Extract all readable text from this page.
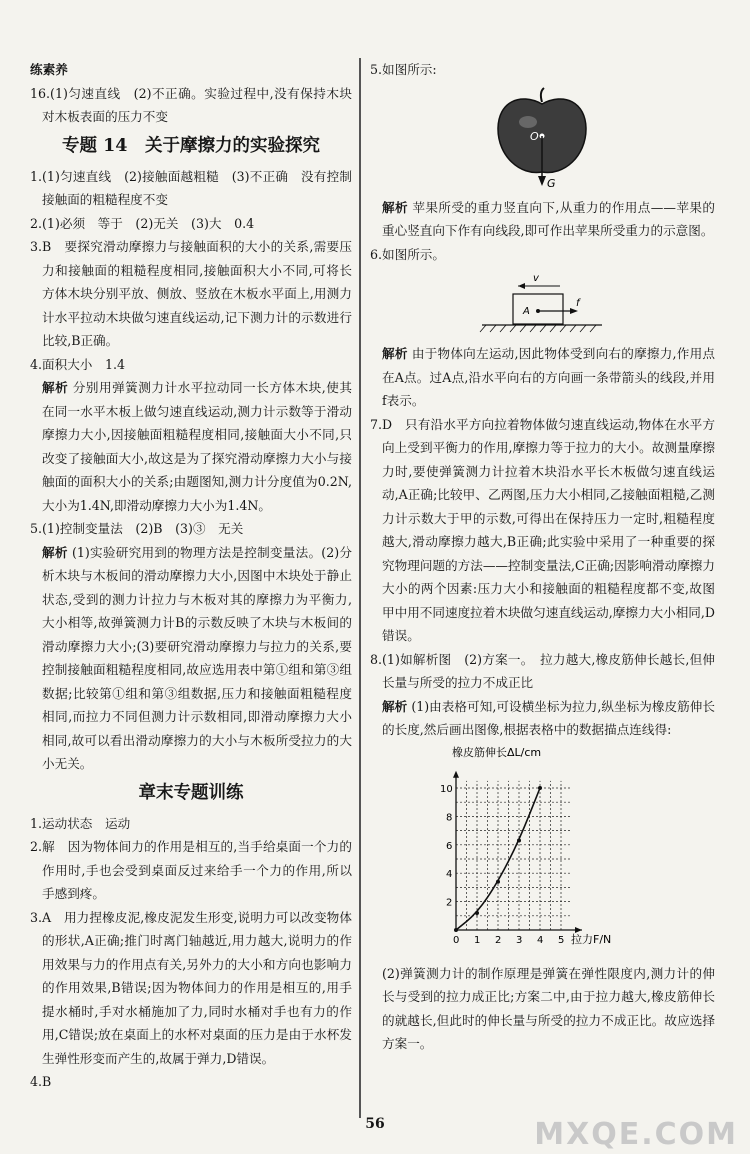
练素养

16.(1)匀速直线　(2)不正确。实验过程中,没有保持木块对木板表面的压力不变

专题 14　关于摩擦力的实验探究

1.(1)匀速直线　(2)接触面越粗糙　(3)不正确　没有控制接触面的粗糙程度不变

2.(1)必须　等于　(2)无关　(3)大　0.4

3.B　要探究滑动摩擦力与接触面积的大小的关系,需要压力和接触面的粗糙程度相同,接触面积大小不同,可将长方体木块分别平放、侧放、竖放在木板水平面上,用测力计水平拉动木块做匀速直线运动,记下测力计的示数进行比较,B正确。

4.面积大小　1.4

解析 分别用弹簧测力计水平拉动同一长方体木块,使其在同一水平木板上做匀速直线运动,测力计示数等于滑动摩擦力大小,因接触面粗糙程度相同,接触面大小不同,只改变了接触面大小,故这是为了探究滑动摩擦力大小与接触面的面积大小的关系;由题图知,测力计分度值为0.2N,大小为1.4N,即滑动摩擦力大小为1.4N。

5.(1)控制变量法　(2)B　(3)③　无关

解析 (1)实验研究用到的物理方法是控制变量法。(2)分析木块与木板间的滑动摩擦力大小,因图中木块处于静止状态,受到的测力计拉力与木板对其的摩擦力为平衡力,大小相等,故弹簧测力计B的示数反映了木块与木板间的滑动摩擦力大小;(3)要研究滑动摩擦力与拉力的关系,要控制接触面粗糙程度相同,故应选用表中第①组和第③组数据;比较第①组和第③组数据,压力和接触面粗糙程度相同,而拉力不同但测力计示数相同,即滑动摩擦力大小相同,故可以看出滑动摩擦力的大小与木板所受拉力的大小无关。

章末专题训练

1.运动状态　运动

2.解　因为物体间力的作用是相互的,当手给桌面一个力的作用时,手也会受到桌面反过来给手一个力的作用,所以手感到疼。

3.A　用力捏橡皮泥,橡皮泥发生形变,说明力可以改变物体的形状,A正确;推门时离门轴越近,用力越大,说明力的作用效果与力的作用点有关,另外力的大小和方向也影响力的作用效果,B错误;因为物体间力的作用是相互的,用手提水桶时,手对水桶施加了力,同时水桶对手也有力的作用,C错误;放在桌面上的水杯对桌面的压力是由于水杯发生弹性形变而产生的,故属于弹力,D错误。

4.B

5.如图所示:

O
G

解析 苹果所受的重力竖直向下,从重力的作用点——苹果的重心竖直向下作有向线段,即可作出苹果所受重力的示意图。

6.如图所示。

v
A
f

解析 由于物体向左运动,因此物体受到向右的摩擦力,作用点在A点。过A点,沿水平向右的方向画一条带箭头的线段,并用f表示。

7.D　只有沿水平方向拉着物体做匀速直线运动,物体在水平方向上受到平衡力的作用,摩擦力等于拉力的大小。故测量摩擦力时,要使弹簧测力计拉着木块沿水平长木板做匀速直线运动,A正确;比较甲、乙两图,压力大小相同,乙接触面粗糙,乙测力计示数大于甲的示数,可得出在保持压力一定时,粗糙程度越大,滑动摩擦力越大,B正确;此实验中采用了一种重要的探究物理问题的方法——控制变量法,C正确;因影响滑动摩擦力大小的两个因素:压力大小和接触面的粗糙程度都不变,故图甲中用不同速度拉着木块做匀速直线运动,摩擦力大小相同,D错误。

8.(1)如解析图　(2)方案一。　拉力越大,橡皮筋伸长越长,但伸长量与所受的拉力不成正比

解析 (1)由表格可知,可设横坐标为拉力,纵坐标为橡皮筋伸长的长度,然后画出图像,根据表格中的数据描点连线得:

0 1 2 3 4 5
2
4
6
8
10
橡皮筋伸长ΔL/cm
拉力F/N

(2)弹簧测力计的制作原理是弹簧在弹性限度内,测力计的伸长与受到的拉力成正比;方案二中,由于拉力越大,橡皮筋伸长的就越长,但此时的伸长量与所受的拉力不成正比。故应选择方案一。

56	MXQE.COM
